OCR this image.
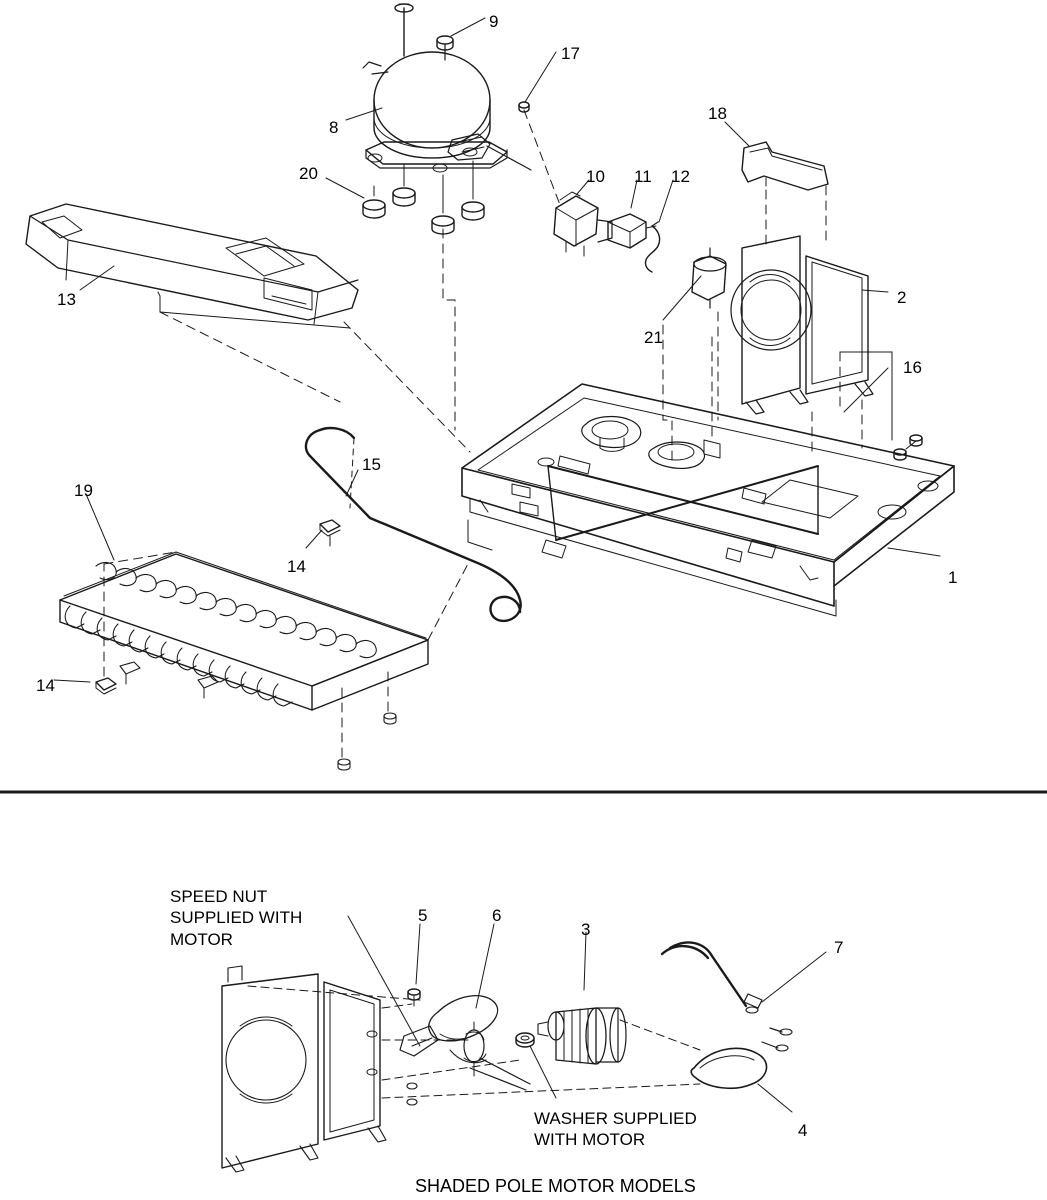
9
17
18
8
10 11 12
20
2
13
21
16
15
19
1
14
14
5	6
3
7
4
SPEED NUT
SUPPLIED WITH
MOTOR
WASHER SUPPLIED
WITH MOTOR
SHADED POLE MOTOR MODELS
